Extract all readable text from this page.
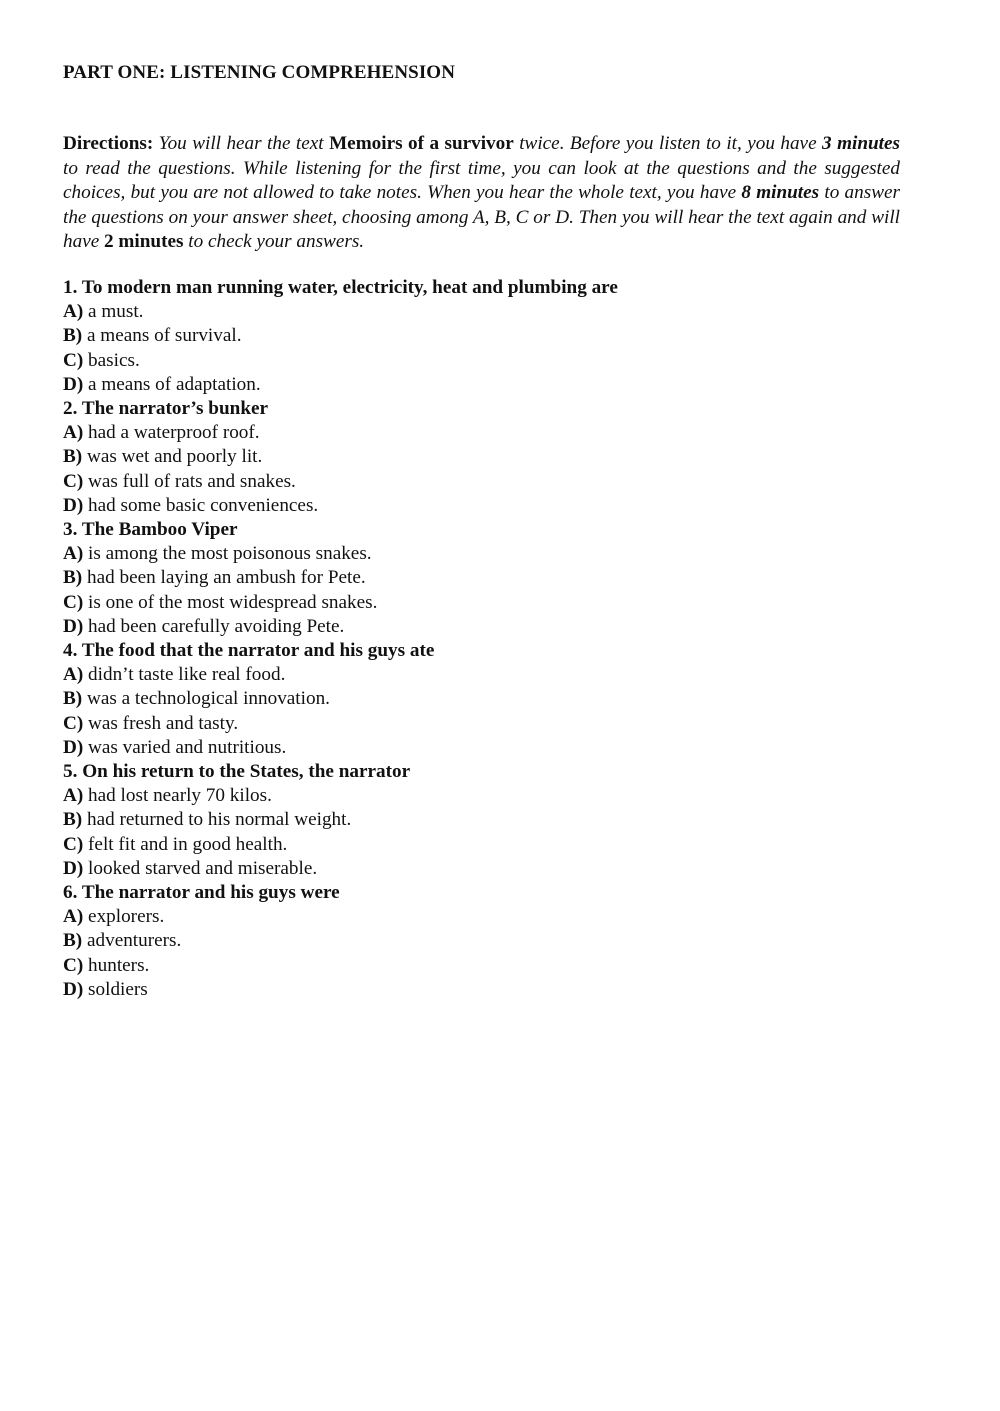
PART ONE: LISTENING COMPREHENSION
Directions: You will hear the text Memoirs of a survivor twice. Before you listen to it, you have 3 minutes to read the questions. While listening for the first time, you can look at the questions and the suggested choices, but you are not allowed to take notes. When you hear the whole text, you have 8 minutes to answer the questions on your answer sheet, choosing among A, B, C or D. Then you will hear the text again and will have 2 minutes to check your answers.
1. To modern man running water, electricity, heat and plumbing are
A) a must.
B) a means of survival.
C) basics.
D) a means of adaptation.
2. The narrator’s bunker
A) had a waterproof roof.
B) was wet and poorly lit.
C) was full of rats and snakes.
D) had some basic conveniences.
3. The Bamboo Viper
A) is among the most poisonous snakes.
B) had been laying an ambush for Pete.
C) is one of the most widespread snakes.
D) had been carefully avoiding Pete.
4. The food that the narrator and his guys ate
A) didn’t taste like real food.
B) was a technological innovation.
C) was fresh and tasty.
D) was varied and nutritious.
5. On his return to the States, the narrator
A) had lost nearly 70 kilos.
B) had returned to his normal weight.
C) felt fit and in good health.
D) looked starved and miserable.
6. The narrator and his guys were
A) explorers.
B) adventurers.
C) hunters.
D) soldiers
